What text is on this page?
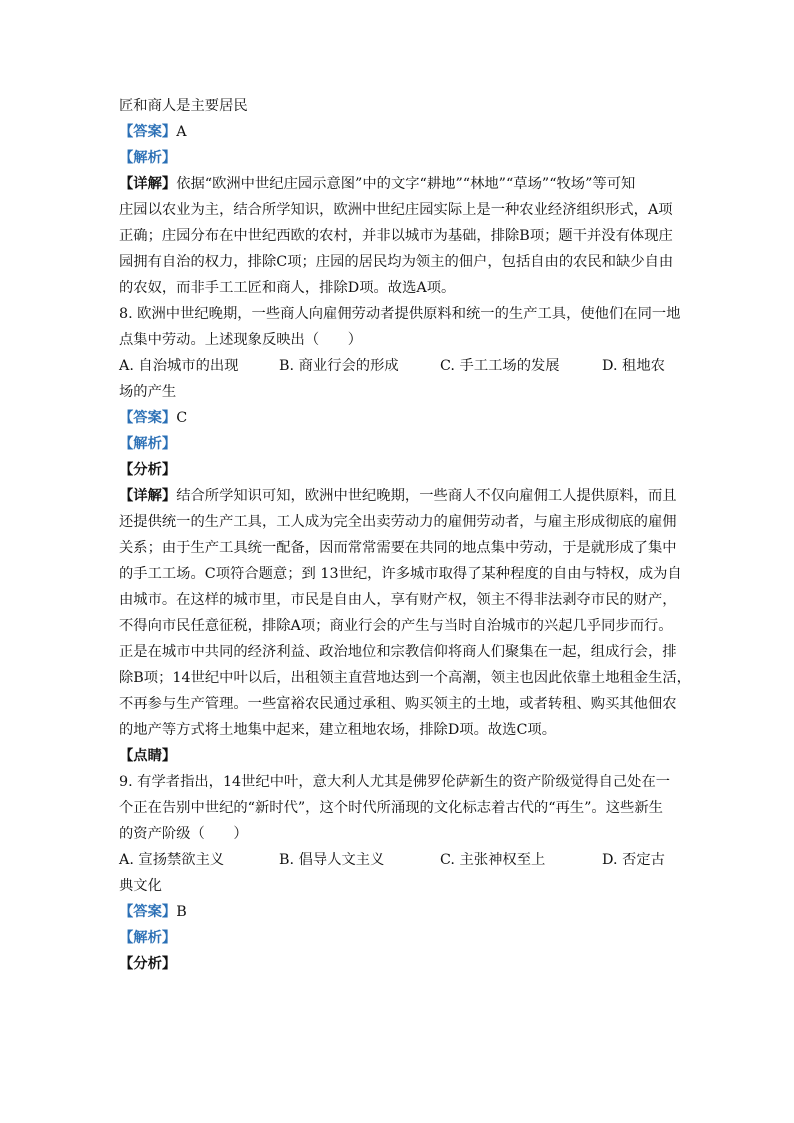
匠和商人是主要居民
【答案】A
【解析】
【详解】依据“欧洲中世纪庄园示意图”中的文字“耕地”“林地”“草场”“牧场”等可知
庄园以农业为主，结合所学知识，欧洲中世纪庄园实际上是一种农业经济组织形式，A项
正确；庄园分布在中世纪西欧的农村，并非以城市为基础，排除B项；题干并没有体现庄
园拥有自治的权力，排除C项；庄园的居民均为领主的佃户，包括自由的农民和缺少自由
的农奴，而非手工工匠和商人，排除D项。故选A项。
8. 欧洲中世纪晚期，一些商人向雇佣劳动者提供原料和统一的生产工具，使他们在同一地
点集中劳动。上述现象反映出（　　）
A. 自治城市的出现	B. 商业行会的形成	C. 手工工场的发展	D. 租地农
场的产生
【答案】C
【解析】
【分析】
【详解】结合所学知识可知，欧洲中世纪晚期，一些商人不仅向雇佣工人提供原料，而且
还提供统一的生产工具，工人成为完全出卖劳动力的雇佣劳动者，与雇主形成彻底的雇佣
关系；由于生产工具统一配备，因而常常需要在共同的地点集中劳动，于是就形成了集中
的手工工场。C项符合题意；到 13世纪，许多城市取得了某种程度的自由与特权，成为自
由城市。在这样的城市里，市民是自由人，享有财产权，领主不得非法剥夺市民的财产，
不得向市民任意征税，排除A项；商业行会的产生与当时自治城市的兴起几乎同步而行。
正是在城市中共同的经济利益、政治地位和宗教信仰将商人们聚集在一起，组成行会，排
除B项；14世纪中叶以后，出租领主直营地达到一个高潮，领主也因此依靠土地租金生活，
不再参与生产管理。一些富裕农民通过承租、购买领主的土地，或者转租、购买其他佃农
的地产等方式将土地集中起来，建立租地农场，排除D项。故选C项。
【点睛】
9. 有学者指出，14世纪中叶，意大利人尤其是佛罗伦萨新生的资产阶级觉得自己处在一
个正在告别中世纪的“新时代”，这个时代所涌现的文化标志着古代的“再生”。这些新生
的资产阶级（　　）
A. 宣扬禁欲主义	B. 倡导人文主义	C. 主张神权至上	D. 否定古
典文化
【答案】B
【解析】
【分析】
